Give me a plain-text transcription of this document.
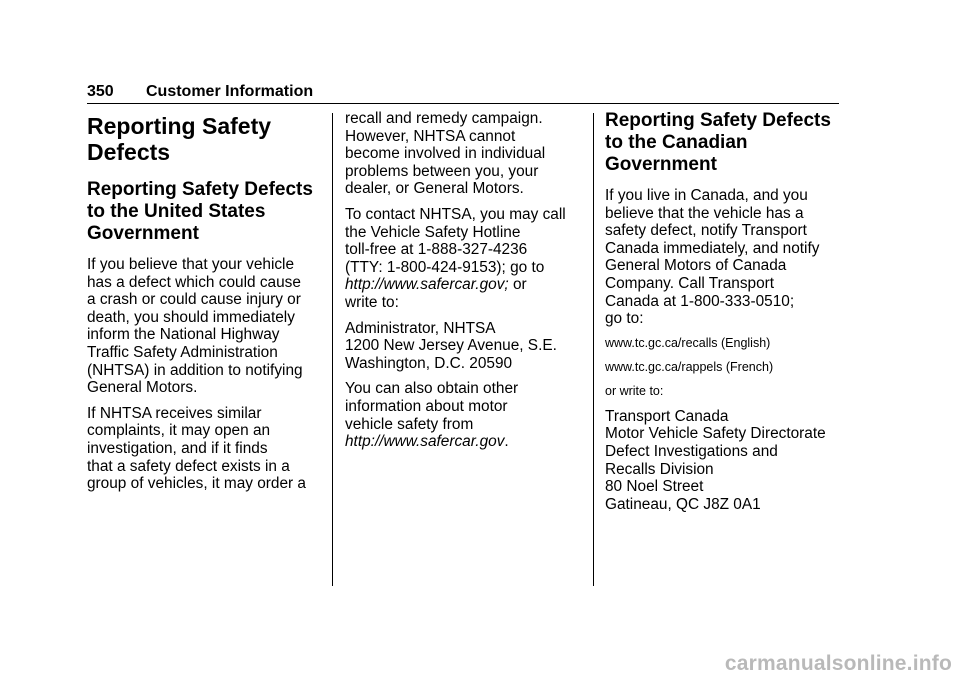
350 Customer Information
Reporting Safety
Defects
Reporting Safety Defects
to the United States
Government

If you believe that your vehicle
has a defect which could cause
a crash or could cause injury or
death, you should immediately
inform the National Highway
Traffic Safety Administration
(NHTSA) in addition to notifying
General Motors.

If NHTSA receives similar
complaints, it may open an
investigation, and if it finds
that a safety defect exists in a
group of vehicles, it may order a

recall and remedy campaign.
However, NHTSA cannot
become involved in individual
problems between you, your
dealer, or General Motors.

To contact NHTSA, you may call
the Vehicle Safety Hotline
toll-free at 1-888-327-4236
(TTY: 1-800-424-9153); go to
http://www.safercar.gov; or
write to:

Administrator, NHTSA
1200 New Jersey Avenue, S.E.
Washington, D.C. 20590

You can also obtain other
information about motor
vehicle safety from
http://www.safercar.gov.

Reporting Safety Defects
to the Canadian
Government

If you live in Canada, and you
believe that the vehicle has a
safety defect, notify Transport
Canada immediately, and notify
General Motors of Canada
Company. Call Transport
Canada at 1-800-333-0510;
go to:

www.tc.gc.ca/recalls (English)

www.tc.gc.ca/rappels (French)

or write to:

Transport Canada
Motor Vehicle Safety Directorate
Defect Investigations and
Recalls Division
80 Noel Street
Gatineau, QC J8Z 0A1

carmanualsonline.info
